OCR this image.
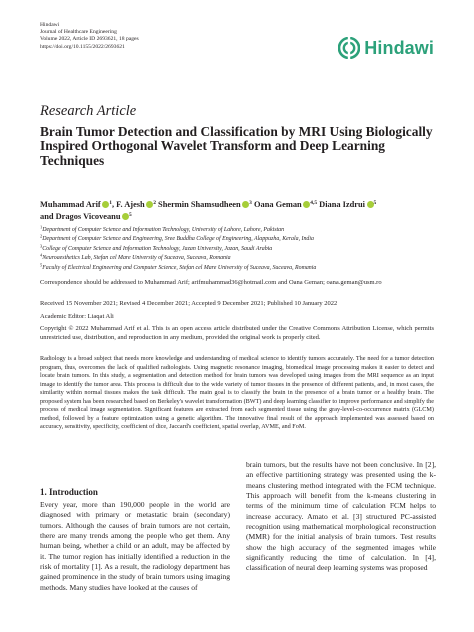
Hindawi
Journal of Healthcare Engineering
Volume 2022, Article ID 2693621, 18 pages
https://doi.org/10.1155/2022/2693621	Hindawi
Research Article
Brain Tumor Detection and Classification by MRI Using Biologically Inspired Orthogonal Wavelet Transform and Deep Learning Techniques
Muhammad Arif $^1$, F. Ajesh $^2$ Shermin Shamsudheen $^3$ Oana Geman $^{4,5}$ Diana Izdrui $^5$ and Dragos Vicoveanu $^5$
$^1$Department of Computer Science and Information Technology, University of Lahore, Lahore, Pakistan
$^2$Department of Computer Science and Engineering, Sree Buddha College of Engineering, Alappuzha, Kerala, India
$^3$College of Computer Science and Information Technology, Jazan University, Jazan, Saudi Arabia
$^4$Neuroaesthetics Lab, Stefan cel Mare University of Suceava, Suceava, Romania
$^5$Faculty of Electrical Engineering and Computer Science, Stefan cel Mare University of Suceava, Suceava, Romania
Correspondence should be addressed to Muhammad Arif; arifmuhammad36@hotmail.com and Oana Geman; oana.geman@usm.ro
Received 15 November 2021; Revised 4 December 2021; Accepted 9 December 2021; Published 10 January 2022
Academic Editor: Liaqat Ali
Copyright © 2022 Muhammad Arif et al. This is an open access article distributed under the Creative Commons Attribution License, which permits unrestricted use, distribution, and reproduction in any medium, provided the original work is properly cited.
Radiology is a broad subject that needs more knowledge and understanding of medical science to identify tumors accurately. The need for a tumor detection program, thus, overcomes the lack of qualified radiologists. Using magnetic resonance imaging, biomedical image processing makes it easier to detect and locate brain tumors. In this study, a segmentation and detection method for brain tumors was developed using images from the MRI sequence as an input image to identify the tumor area. This process is difficult due to the wide variety of tumor tissues in the presence of different patients, and, in most cases, the similarity within normal tissues makes the task difficult. The main goal is to classify the brain in the presence of a brain tumor or a healthy brain. The proposed system has been researched based on Berkeley's wavelet transformation (BWT) and deep learning classifier to improve performance and simplify the process of medical image segmentation. Significant features are extracted from each segmented tissue using the gray-level-co-occurrence matrix (GLCM) method, followed by a feature optimization using a genetic algorithm. The innovative final result of the approach implemented was assessed based on accuracy, sensitivity, specificity, coefficient of dice, Jaccard's coefficient, spatial overlap, AVME, and FoM.
1. Introduction
Every year, more than 190,000 people in the world are diagnosed with primary or metastatic brain (secondary) tumors. Although the causes of brain tumors are not certain, there are many trends among the people who get them. Any human being, whether a child or an adult, may be affected by it. The tumor region has initially identified a reduction in the risk of mortality [1]. As a result, the radiology department has gained prominence in the study of brain tumors using imaging methods. Many studies have looked at the causes of
brain tumors, but the results have not been conclusive. In [2], an effective partitioning strategy was presented using the k-means clustering method integrated with the FCM technique. This approach will benefit from the k-means clustering in terms of the minimum time of calculation FCM helps to increase accuracy. Amato et al. [3] structured PC-assisted recognition using mathematical morphological reconstruction (MMR) for the initial analysis of brain tumors. Test results show the high accuracy of the segmented images while significantly reducing the time of calculation. In [4], classification of neural deep learning systems was proposed
